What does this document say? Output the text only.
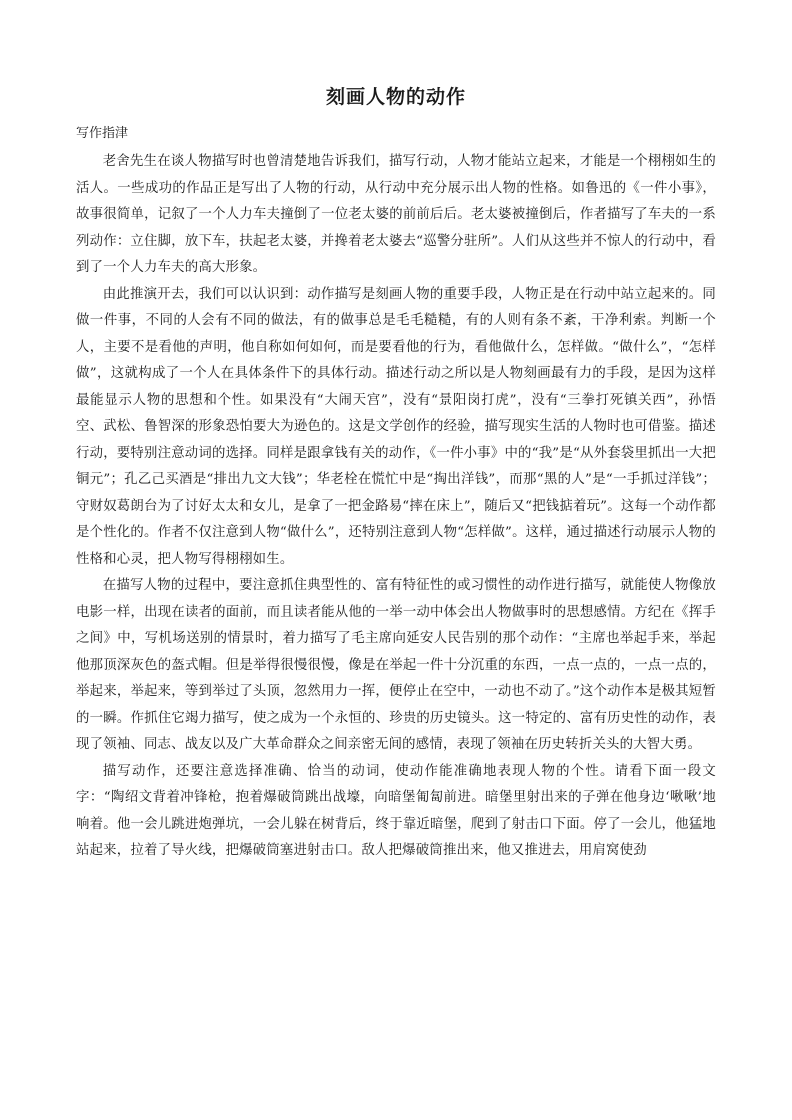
刻画人物的动作
写作指津

老舍先生在谈人物描写时也曾清楚地告诉我们，描写行动，人物才能站立起来，才能是一个栩栩如生的活人。一些成功的作品正是写出了人物的行动，从行动中充分展示出人物的性格。如鲁迅的《一件小事》，故事很简单，记叙了一个人力车夫撞倒了一位老太婆的前前后后。老太婆被撞倒后，作者描写了车夫的一系列动作：立住脚，放下车，扶起老太婆，并搀着老太婆去“巡警分驻所”。人们从这些并不惊人的行动中，看到了一个人力车夫的高大形象。

由此推演开去，我们可以认识到：动作描写是刻画人物的重要手段，人物正是在行动中站立起来的。同做一件事，不同的人会有不同的做法，有的做事总是毛毛糙糙，有的人则有条不紊，干净利索。判断一个人，主要不是看他的声明，他自称如何如何，而是要看他的行为，看他做什么，怎样做。“做什么”，“怎样做”，这就构成了一个人在具体条件下的具体行动。描述行动之所以是人物刻画最有力的手段，是因为这样最能显示人物的思想和个性。如果没有“大闹天宫”，没有“景阳岗打虎”，没有“三拳打死镇关西”，孙悟空、武松、鲁智深的形象恐怕要大为逊色的。这是文学创作的经验，描写现实生活的人物时也可借鉴。描述行动，要特别注意动词的选择。同样是跟拿钱有关的动作，《一件小事》中的“我”是“从外套袋里抓出一大把铜元”；孔乙己买酒是“排出九文大钱”；华老栓在慌忙中是“掏出洋钱”，而那“黑的人”是“一手抓过洋钱”；守财奴葛朗台为了讨好太太和女儿，是拿了一把金路易“摔在床上”，随后又“把钱掂着玩”。这每一个动作都是个性化的。作者不仅注意到人物“做什么”，还特别注意到人物“怎样做”。这样，通过描述行动展示人物的性格和心灵，把人物写得栩栩如生。

在描写人物的过程中，要注意抓住典型性的、富有特征性的或习惯性的动作进行描写，就能使人物像放电影一样，出现在读者的面前，而且读者能从他的一举一动中体会出人物做事时的思想感情。方纪在《挥手之间》中，写机场送别的情景时，着力描写了毛主席向延安人民告别的那个动作：“主席也举起手来，举起他那顶深灰色的盔式帽。但是举得很慢很慢，像是在举起一件十分沉重的东西，一点一点的，一点一点的，举起来，举起来，等到举过了头顶，忽然用力一挥，便停止在空中，一动也不动了。”这个动作本是极其短暂的一瞬。作抓住它竭力描写，使之成为一个永恒的、珍贵的历史镜头。这一特定的、富有历史性的动作，表现了领袖、同志、战友以及广大革命群众之间亲密无间的感情，表现了领袖在历史转折关头的大智大勇。

描写动作，还要注意选择准确、恰当的动词，使动作能准确地表现人物的个性。请看下面一段文字：“陶绍文背着冲锋枪，抱着爆破筒跳出战壕，向暗堡匍匐前进。暗堡里射出来的子弹在他身边‘啾啾’地响着。他一会儿跳进炮弹坑，一会儿躲在树背后，终于靠近暗堡，爬到了射击口下面。停了一会儿，他猛地站起来，拉着了导火线，把爆破筒塞进射击口。敌人把爆破筒推出来，他又推进去，用肩窝使劲
